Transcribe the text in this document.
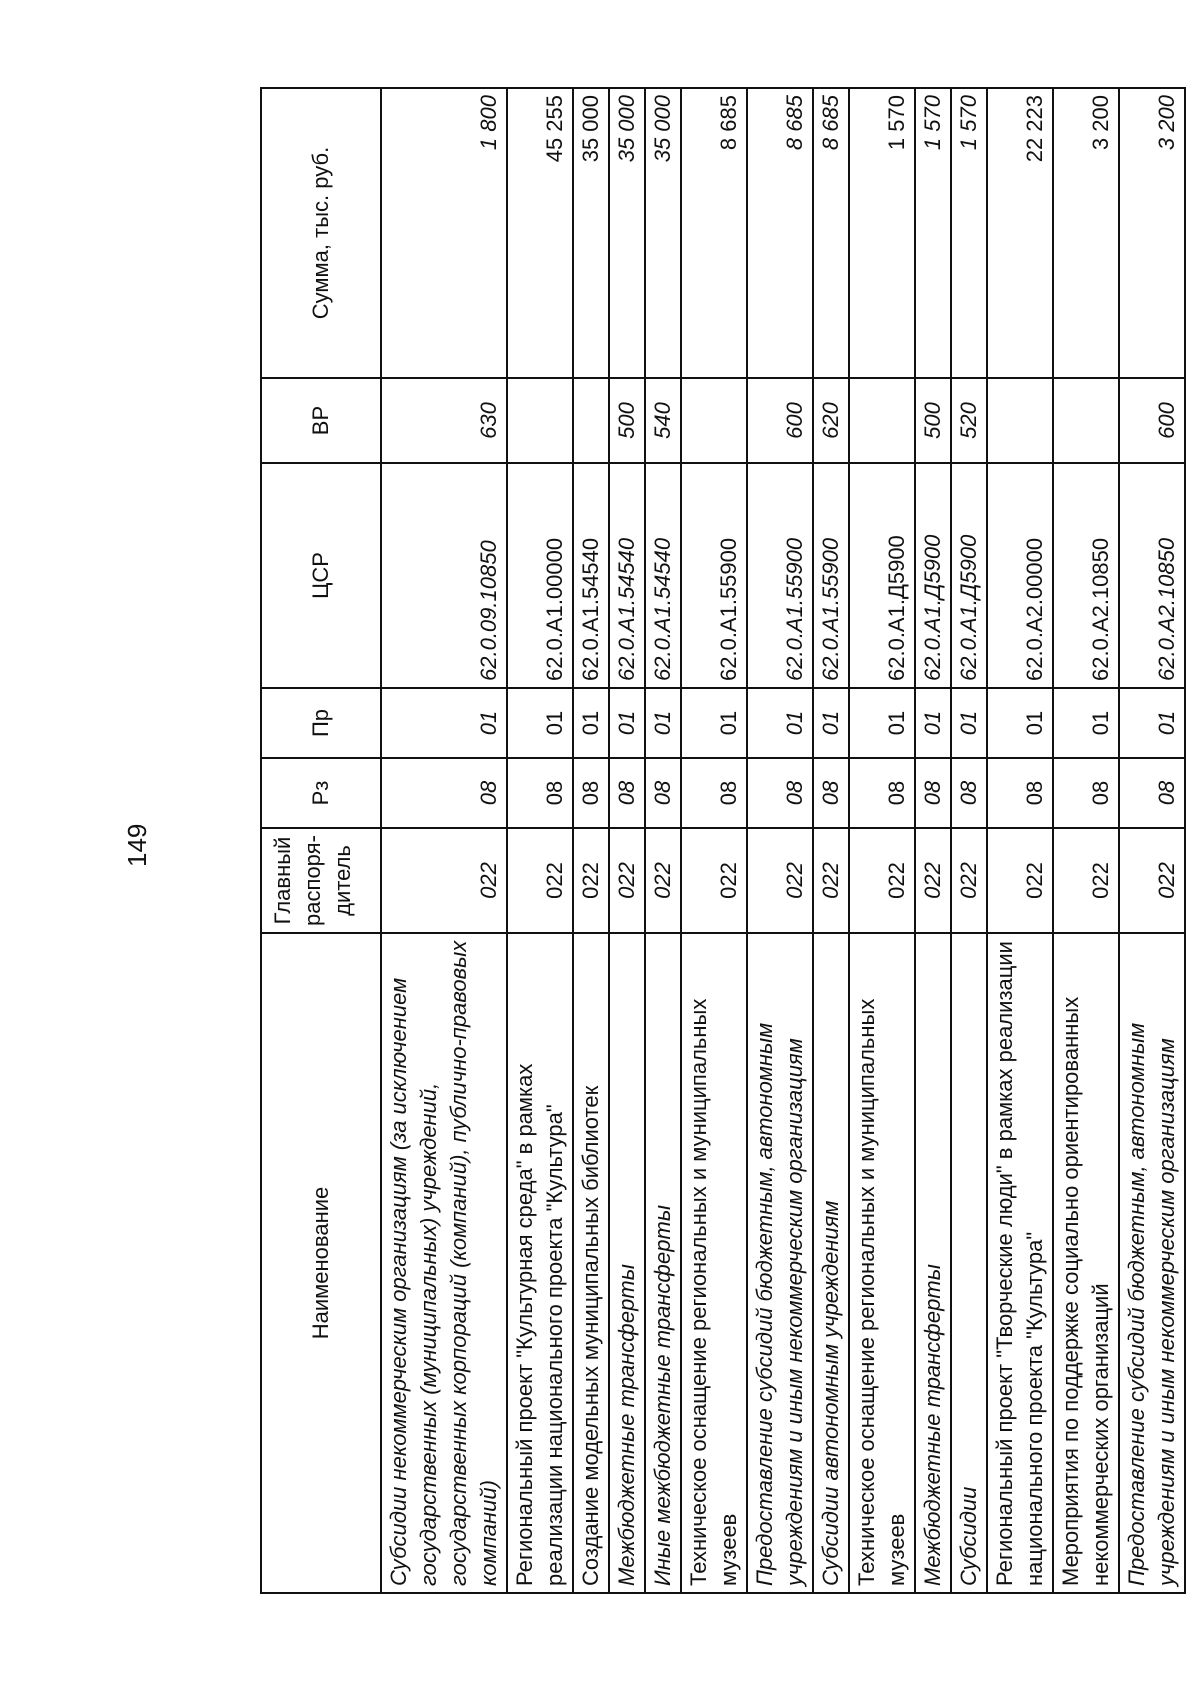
149
Наименование	Главный распоря-дитель	Рз	Пр	ЦСР	ВР	Сумма, тыс. руб.
Субсидии некоммерческим организациям (за исключением государственных (муниципальных) учреждений, государственных корпораций (компаний), публично-правовых компаний)	022	08	01	62.0.09.10850	630	1 800
Региональный проект "Культурная среда" в рамках реализации национального проекта "Культура"	022	08	01	62.0.А1.00000		45 255
Создание модельных муниципальных библиотек	022	08	01	62.0.А1.54540		35 000
Межбюджетные трансферты	022	08	01	62.0.А1.54540	500	35 000
Иные межбюджетные трансферты	022	08	01	62.0.А1.54540	540	35 000
Техническое оснащение региональных и муниципальных музеев	022	08	01	62.0.А1.55900		8 685
Предоставление субсидий бюджетным, автономным учреждениям и иным некоммерческим организациям	022	08	01	62.0.А1.55900	600	8 685
Субсидии автономным учреждениям	022	08	01	62.0.А1.55900	620	8 685
Техническое оснащение региональных и муниципальных музеев	022	08	01	62.0.А1.Д5900		1 570
Межбюджетные трансферты	022	08	01	62.0.А1.Д5900	500	1 570
Субсидии	022	08	01	62.0.А1.Д5900	520	1 570
Региональный проект "Творческие люди" в рамках реализации национального проекта "Культура"	022	08	01	62.0.А2.00000		22 223
Мероприятия по поддержке социально ориентированных некоммерческих организаций	022	08	01	62.0.А2.10850		3 200
Предоставление субсидий бюджетным, автономным учреждениям и иным некоммерческим организациям	022	08	01	62.0.А2.10850	600	3 200
